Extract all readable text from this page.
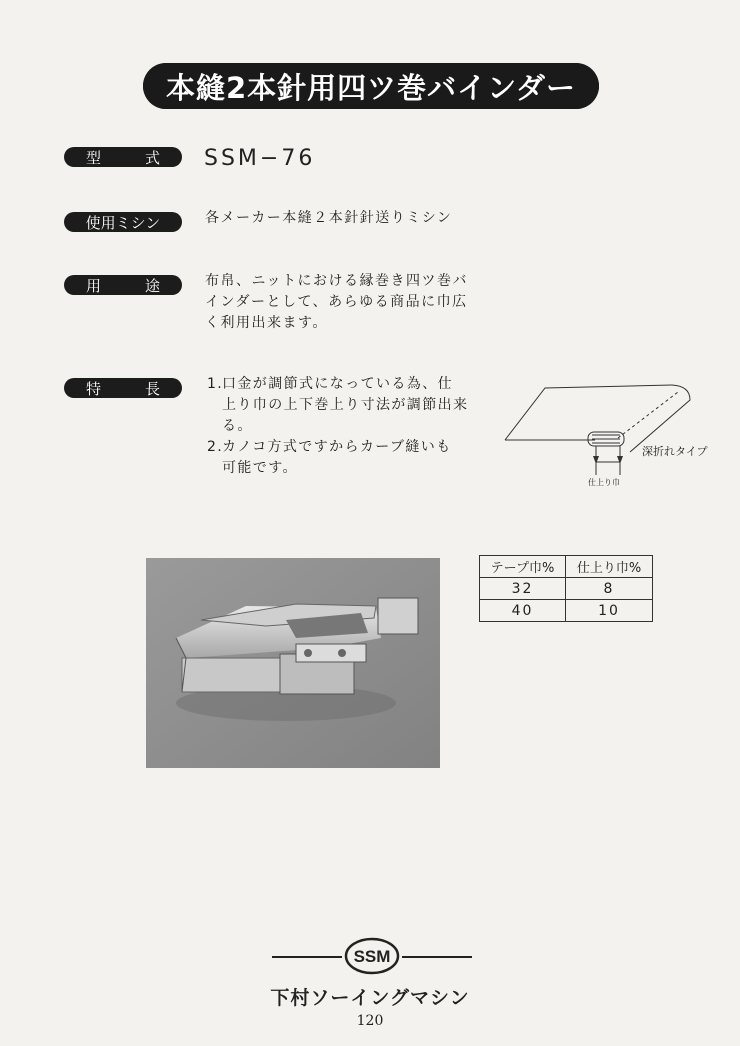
本縫2本針用四ツ巻バインダー
型	式 SSM−76
使用ミシン	各メーカー本縫２本針針送りミシン
用	途	布帛、ニットにおける縁巻き四ツ巻バ
インダーとして、あらゆる商品に巾広
く利用出来ます。
特	長	1.口金が調節式になっている為、仕
上り巾の上下巻上り寸法が調節出来
る。
2.カノコ方式ですからカーブ縫いも
可能です。
深折れタイプ
仕上り巾
テープ巾%	仕上り巾%
32	8
40	10
SSM
下村ソーイングマシン
120
